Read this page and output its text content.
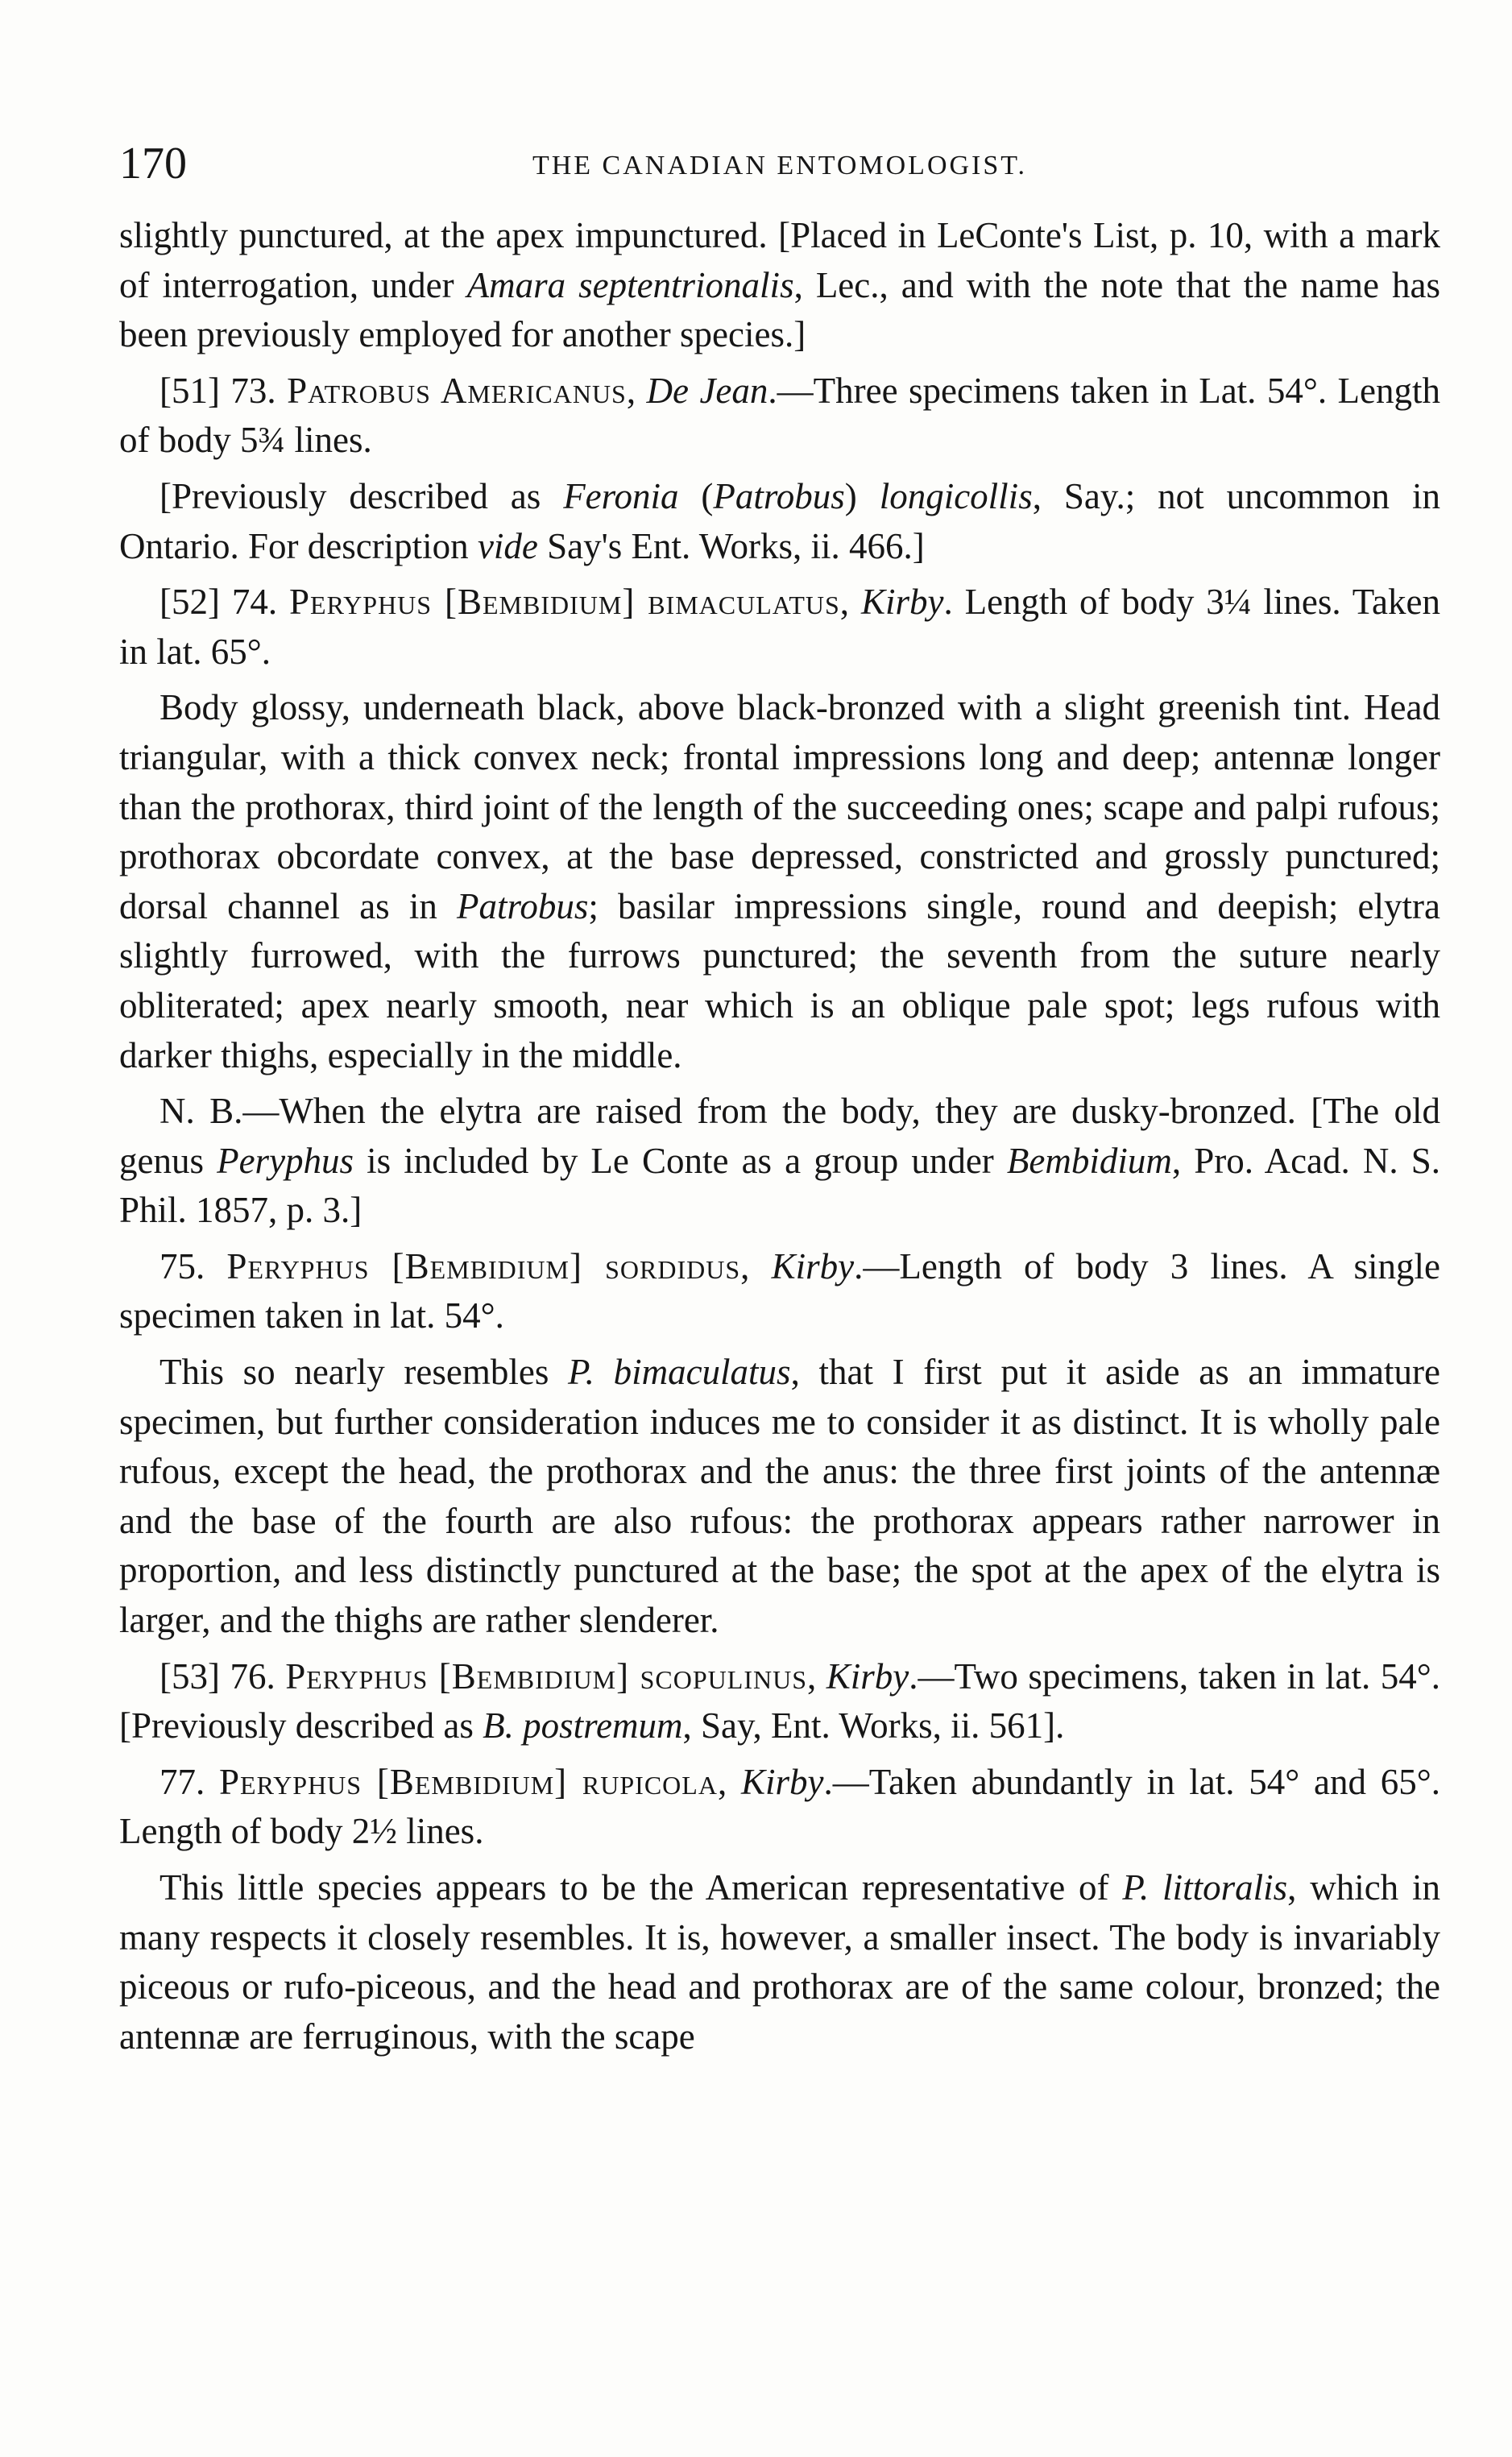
170	THE CANADIAN ENTOMOLOGIST.

slightly punctured, at the apex impunctured. [Placed in LeConte's List, p. 10, with a mark of interrogation, under Amara septentrionalis, Lec., and with the note that the name has been previously employed for another species.]

[51] 73. Patrobus Americanus, De Jean.—Three specimens taken in Lat. 54°. Length of body 5¾ lines.

[Previously described as Feronia (Patrobus) longicollis, Say.; not uncommon in Ontario. For description vide Say's Ent. Works, ii. 466.]

[52] 74. Peryphus [Bembidium] bimaculatus, Kirby. Length of body 3¼ lines. Taken in lat. 65°.

Body glossy, underneath black, above black-bronzed with a slight greenish tint. Head triangular, with a thick convex neck; frontal impressions long and deep; antennæ longer than the prothorax, third joint of the length of the succeeding ones; scape and palpi rufous; prothorax obcordate convex, at the base depressed, constricted and grossly punctured; dorsal channel as in Patrobus; basilar impressions single, round and deepish; elytra slightly furrowed, with the furrows punctured; the seventh from the suture nearly obliterated; apex nearly smooth, near which is an oblique pale spot; legs rufous with darker thighs, especially in the middle.

N. B.—When the elytra are raised from the body, they are dusky-bronzed. [The old genus Peryphus is included by Le Conte as a group under Bembidium, Pro. Acad. N. S. Phil. 1857, p. 3.]

75. Peryphus [Bembidium] sordidus, Kirby.—Length of body 3 lines. A single specimen taken in lat. 54°.

This so nearly resembles P. bimaculatus, that I first put it aside as an immature specimen, but further consideration induces me to consider it as distinct. It is wholly pale rufous, except the head, the prothorax and the anus: the three first joints of the antennæ and the base of the fourth are also rufous: the prothorax appears rather narrower in proportion, and less distinctly punctured at the base; the spot at the apex of the elytra is larger, and the thighs are rather slenderer.

[53] 76. Peryphus [Bembidium] scopulinus, Kirby.—Two specimens, taken in lat. 54°. [Previously described as B. postremum, Say, Ent. Works, ii. 561].

77. Peryphus [Bembidium] rupicola, Kirby.—Taken abundantly in lat. 54° and 65°. Length of body 2½ lines.

This little species appears to be the American representative of P. littoralis, which in many respects it closely resembles. It is, however, a smaller insect. The body is invariably piceous or rufo-piceous, and the head and prothorax are of the same colour, bronzed; the antennæ are ferruginous, with the scape
